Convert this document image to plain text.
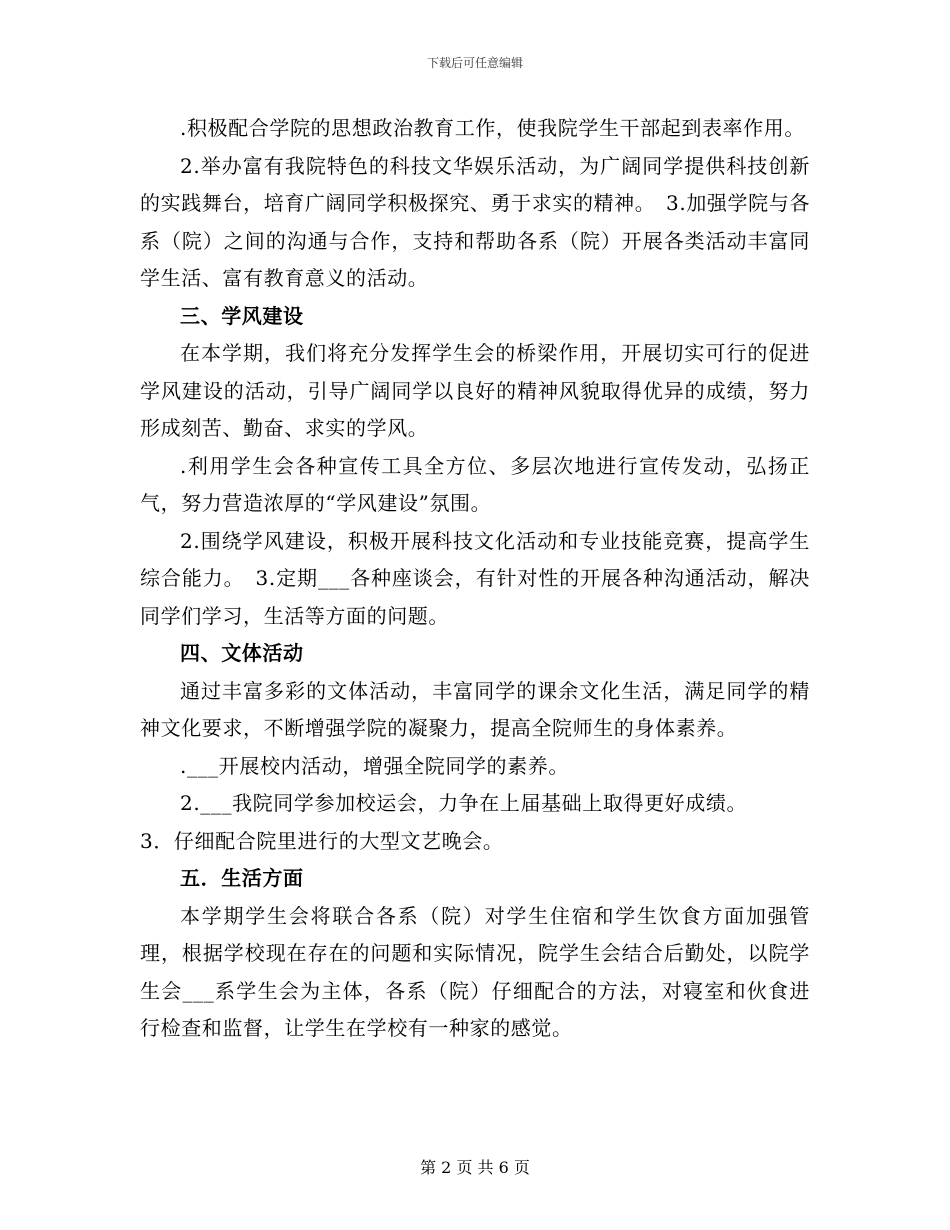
下载后可任意编辑

.积极配合学院的思想政治教育工作，使我院学生干部起到表率作用。

2.举办富有我院特色的科技文华娱乐活动，为广阔同学提供科技创新的实践舞台，培育广阔同学积极探究、勇于求实的精神。　3.加强学院与各系（院）之间的沟通与合作，支持和帮助各系（院）开展各类活动丰富同学生活、富有教育意义的活动。

三、学风建设

在本学期，我们将充分发挥学生会的桥梁作用，开展切实可行的促进学风建设的活动，引导广阔同学以良好的精神风貌取得优异的成绩，努力形成刻苦、勤奋、求实的学风。

.利用学生会各种宣传工具全方位、多层次地进行宣传发动，弘扬正气，努力营造浓厚的“学风建设”氛围。

2.围绕学风建设，积极开展科技文化活动和专业技能竞赛，提高学生综合能力。　3.定期___各种座谈会，有针对性的开展各种沟通活动，解决同学们学习，生活等方面的问题。

四、文体活动

通过丰富多彩的文体活动，丰富同学的课余文化生活，满足同学的精神文化要求，不断增强学院的凝聚力，提高全院师生的身体素养。

.___开展校内活动，增强全院同学的素养。

2.___我院同学参加校运会，力争在上届基础上取得更好成绩。

3．仔细配合院里进行的大型文艺晚会。

五．生活方面

本学期学生会将联合各系（院）对学生住宿和学生饮食方面加强管理，根据学校现在存在的问题和实际情况，院学生会结合后勤处，以院学生会___系学生会为主体，各系（院）仔细配合的方法，对寝室和伙食进行检查和监督，让学生在学校有一种家的感觉。

第 2 页 共 6 页
